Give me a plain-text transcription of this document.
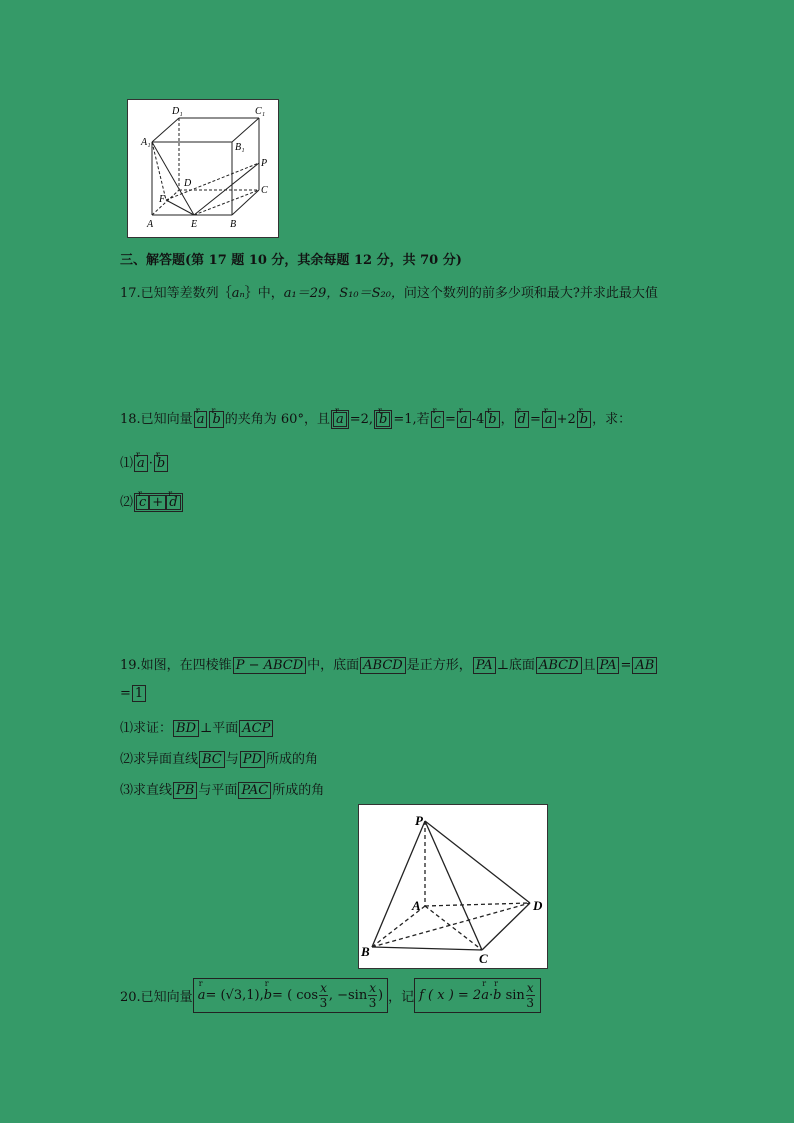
D₁	C₁
A₁	B₁
P
D
C
F
A	E	B
三、解答题(第 17 题 10 分，其余每题 12 分，共 70 分)
17.已知等差数列｛aₙ｝中，a₁＝29，S₁₀＝S₂₀，问这个数列的前多少项和最大?并求此最大值
18.已知向量 r a r b 的夹角为 60°，且 r a =2, r b =1,若 r c = r a -4 r b ， r d = r a +2 r b ，求：
⑴ r a · r b
⑵ r c + r d
19.如图，在四棱锥 P − ABCD 中，底面 ABCD 是正方形， PA ⊥底面 ABCD 且 PA = AB
= 1
⑴求证： BD ⊥平面 ACP
⑵求异面直线 BC 与 PD 所成的角
⑶求直线 PB 与平面 PAC 所成的角
P
A	D
B	C
20.已知向量 r a= (√3,1),r b= ( $\cos \frac{x}{3}$ , $-\sin \frac{x}{3}$ ) ，记 f ( x ) = 2r a·r b $\sin \frac{x}{3}$
